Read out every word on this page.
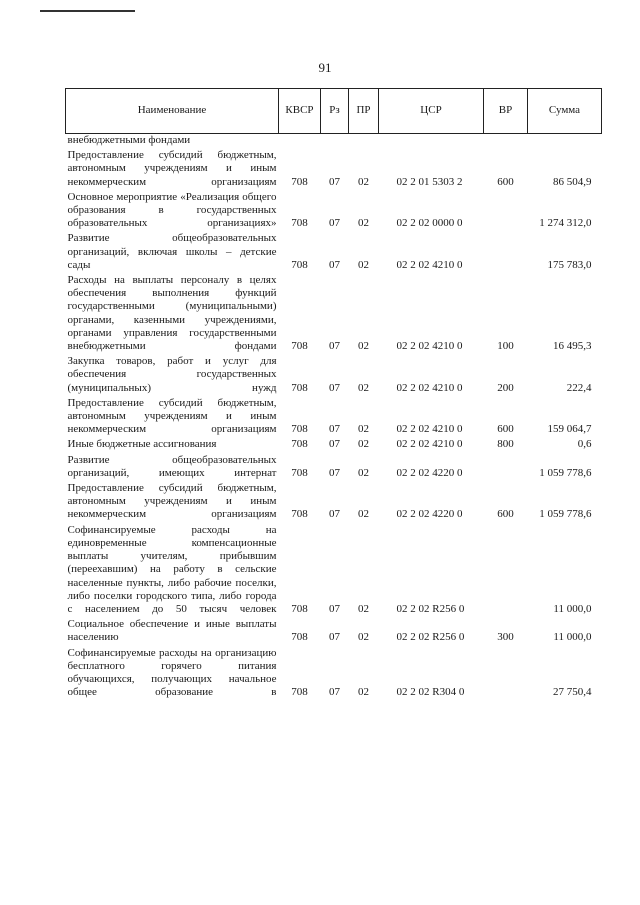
91
Наименование	КВСР	Рз	ПР	ЦСР	ВР	Сумма
внебюджетными фондами						
Предоставление субсидий бюджетным, автономным учреждениям и иным некоммерческим организациям	708	07	02	02 2 01 5303 2	600	86 504,9
Основное мероприятие «Реализация общего образования в государственных образовательных организациях»	708	07	02	02 2 02 0000 0		1 274 312,0
Развитие общеобразовательных организаций, включая школы – детские сады	708	07	02	02 2 02 4210 0		175 783,0
Расходы на выплаты персоналу в целях обеспечения выполнения функций государственными (муниципальными) органами, казенными учреждениями, органами управления государственными внебюджетными фондами	708	07	02	02 2 02 4210 0	100	16 495,3
Закупка товаров, работ и услуг для обеспечения государственных (муниципальных) нужд	708	07	02	02 2 02 4210 0	200	222,4
Предоставление субсидий бюджетным, автономным учреждениям и иным некоммерческим организациям	708	07	02	02 2 02 4210 0	600	159 064,7
Иные бюджетные ассигнования	708	07	02	02 2 02 4210 0	800	0,6
Развитие общеобразовательных организаций, имеющих интернат	708	07	02	02 2 02 4220 0		1 059 778,6
Предоставление субсидий бюджетным, автономным учреждениям и иным некоммерческим организациям	708	07	02	02 2 02 4220 0	600	1 059 778,6
Софинансируемые расходы на единовременные компенсационные выплаты учителям, прибывшим (переехавшим) на работу в сельские населенные пункты, либо рабочие поселки, либо поселки городского типа, либо города с населением до 50 тысяч человек	708	07	02	02 2 02 R256 0		11 000,0
Социальное обеспечение и иные выплаты населению	708	07	02	02 2 02 R256 0	300	11 000,0
Софинансируемые расходы на организацию бесплатного горячего питания обучающихся, получающих начальное общее образование в	708	07	02	02 2 02 R304 0		27 750,4
